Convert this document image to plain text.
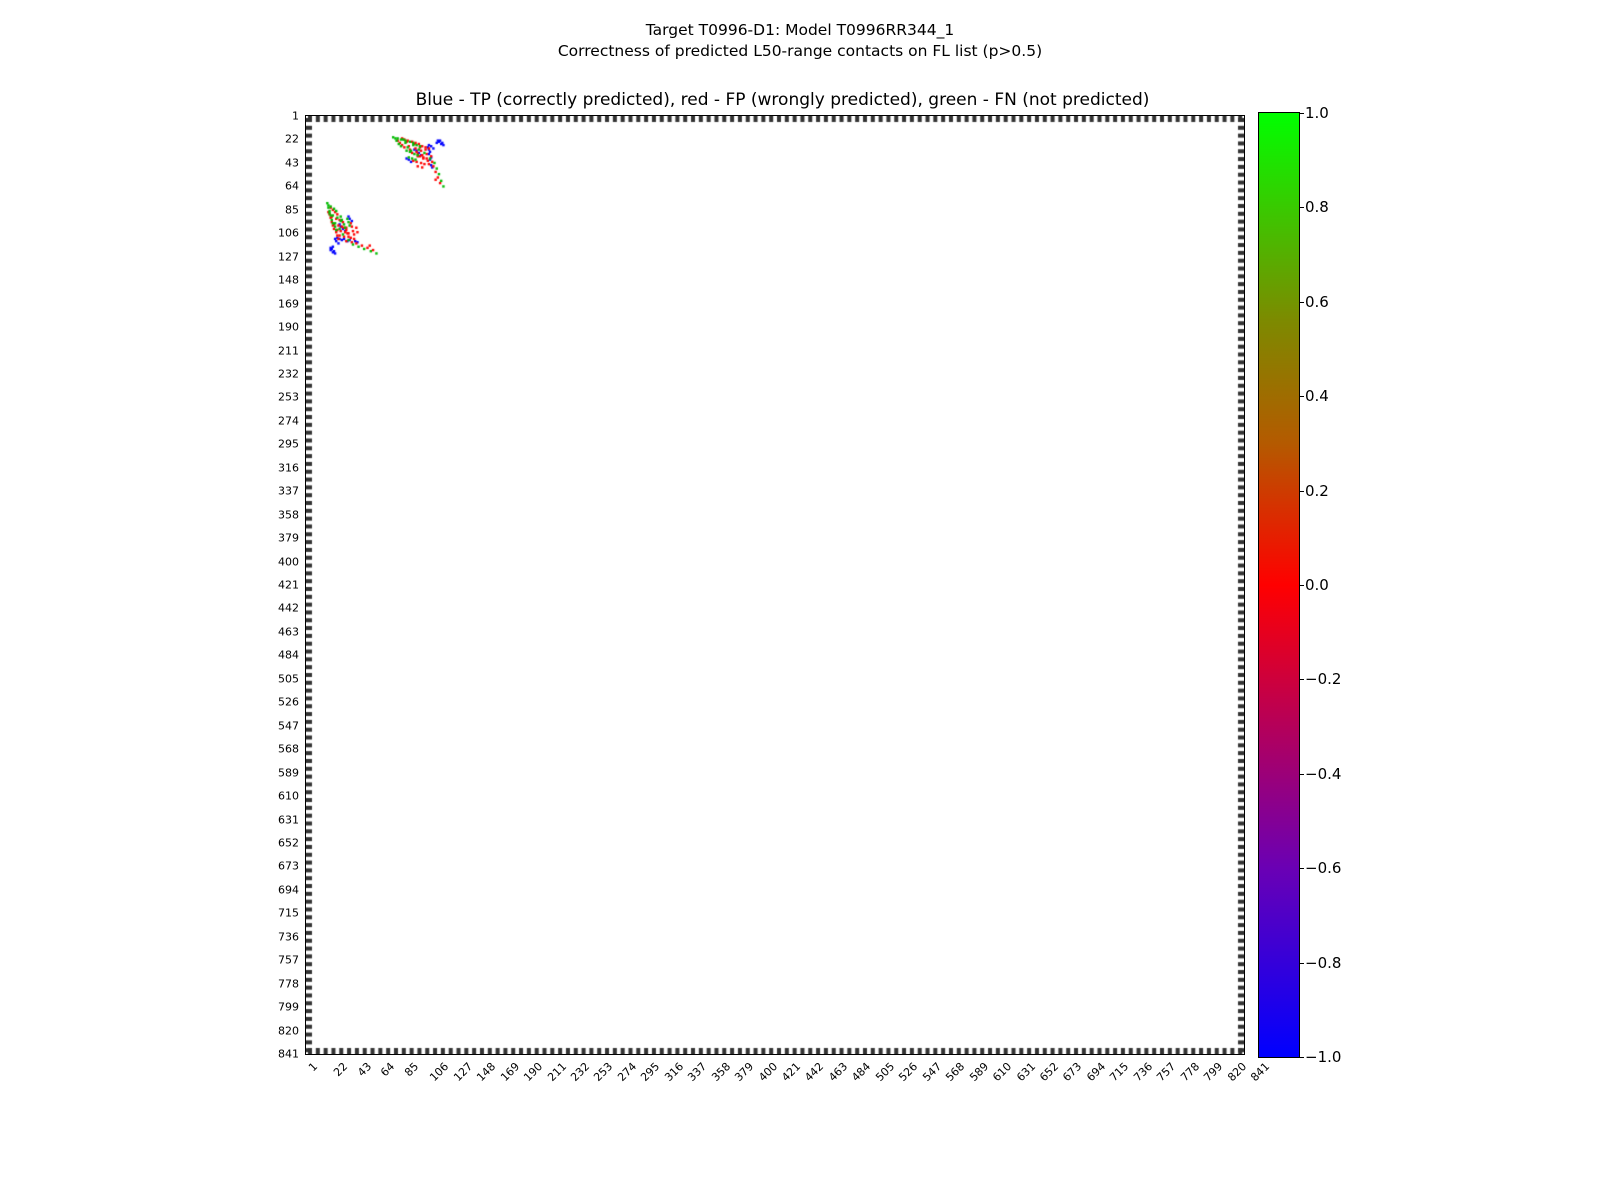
Target T0996-D1: Model T0996RR344_1
Correctness of predicted L50-range contacts on FL list (p>0.5)
Blue - TP (correctly predicted), red - FP (wrongly predicted), green - FN (not predicted)
1
22
43
64
85
106
127
148
169
190
211
232
253
274
295
316
337
358
379
400
421
442
463
484
505
526
547
568
589
610
631
652
673
694
715
736
757
778
799
820
841
1 22 43 64 85 106 127 148 169 190 211 232 253 274 295 316 337 358 379 400 421 442 463 484 505 526 547 568 589 610 631 652 673 694 715 736 757 778 799 820 841
−1.0
−0.8
−0.6
−0.4
−0.2
0.0
0.2
0.4
0.6
0.8
1.0
